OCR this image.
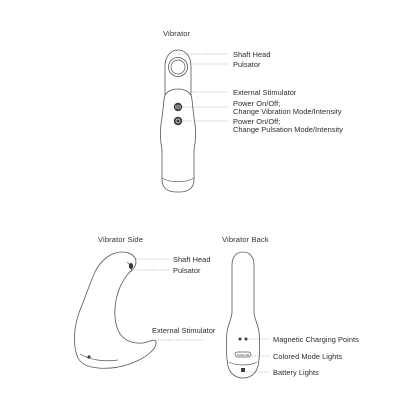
Vibrator
Shaft Head
Pulsator
External Stimulator
Power On/Off;
Change Vibration Mode/Intensity
Power On/Off;
Change Pulsation Mode/Intensity
Vibrator Side
Shaft Head
Pulsator
External Stimulator
Vibrator Back
SVAKOM
Magnetic Charging Points
Colored Mode Lights
Battery Lights
